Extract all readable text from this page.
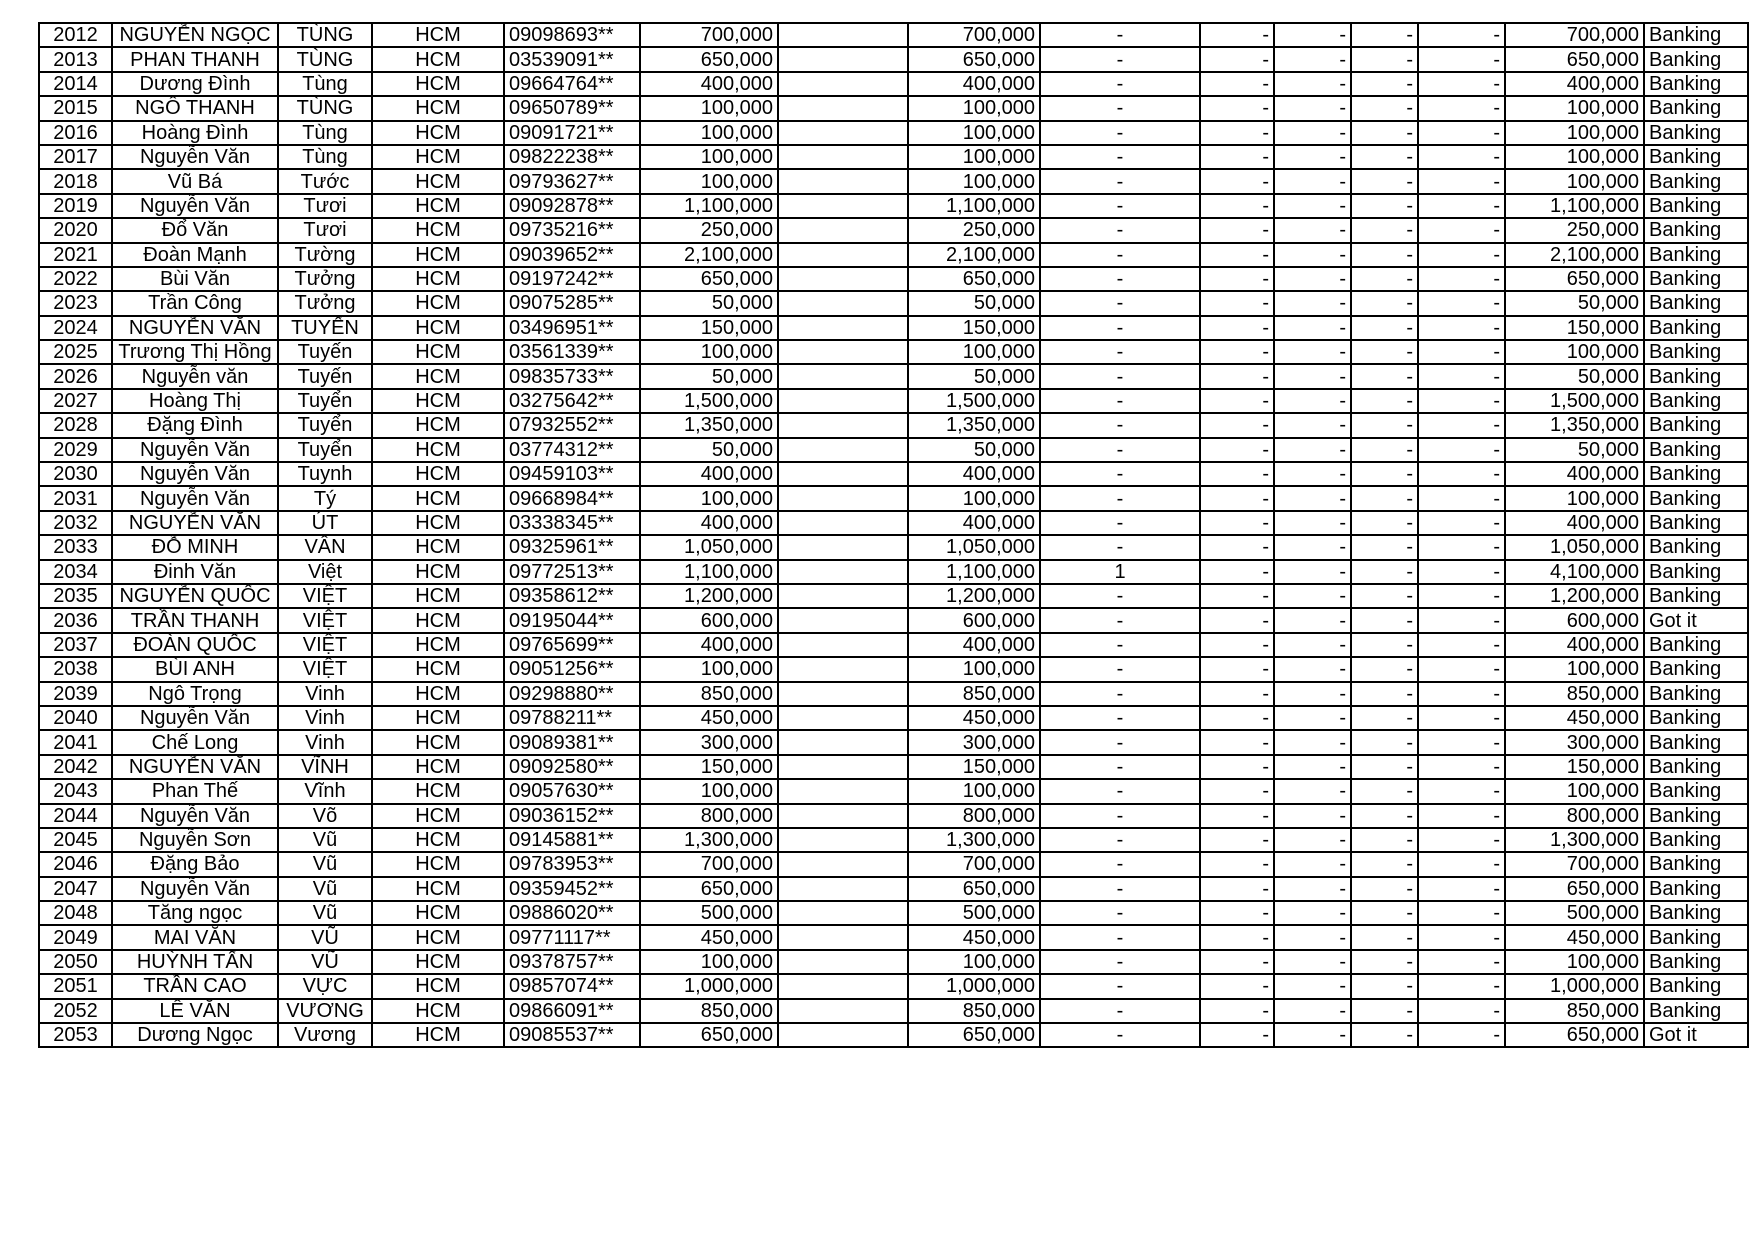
2012	NGUYỄN NGỌC	TÙNG	HCM	09098693**	700,000		700,000	-	-	-	-	-	700,000	Banking
2013	PHAN THANH	TÙNG	HCM	03539091**	650,000		650,000	-	-	-	-	-	650,000	Banking
2014	Dương Đình	Tùng	HCM	09664764**	400,000		400,000	-	-	-	-	-	400,000	Banking
2015	NGÔ THANH	TÙNG	HCM	09650789**	100,000		100,000	-	-	-	-	-	100,000	Banking
2016	Hoàng Đình	Tùng	HCM	09091721**	100,000		100,000	-	-	-	-	-	100,000	Banking
2017	Nguyễn Văn	Tùng	HCM	09822238**	100,000		100,000	-	-	-	-	-	100,000	Banking
2018	Vũ Bá	Tước	HCM	09793627**	100,000		100,000	-	-	-	-	-	100,000	Banking
2019	Nguyễn Văn	Tươi	HCM	09092878**	1,100,000		1,100,000	-	-	-	-	-	1,100,000	Banking
2020	Đổ Văn	Tươi	HCM	09735216**	250,000		250,000	-	-	-	-	-	250,000	Banking
2021	Đoàn Mạnh	Tường	HCM	09039652**	2,100,000		2,100,000	-	-	-	-	-	2,100,000	Banking
2022	Bùi Văn	Tưởng	HCM	09197242**	650,000		650,000	-	-	-	-	-	650,000	Banking
2023	Trần Công	Tưởng	HCM	09075285**	50,000		50,000	-	-	-	-	-	50,000	Banking
2024	NGUYỄN VĂN	TUYẾN	HCM	03496951**	150,000		150,000	-	-	-	-	-	150,000	Banking
2025	Trương Thị Hồng	Tuyến	HCM	03561339**	100,000		100,000	-	-	-	-	-	100,000	Banking
2026	Nguyễn văn	Tuyến	HCM	09835733**	50,000		50,000	-	-	-	-	-	50,000	Banking
2027	Hoàng Thị	Tuyển	HCM	03275642**	1,500,000		1,500,000	-	-	-	-	-	1,500,000	Banking
2028	Đặng Đình	Tuyển	HCM	07932552**	1,350,000		1,350,000	-	-	-	-	-	1,350,000	Banking
2029	Nguyễn Văn	Tuyển	HCM	03774312**	50,000		50,000	-	-	-	-	-	50,000	Banking
2030	Nguyễn Văn	Tuynh	HCM	09459103**	400,000		400,000	-	-	-	-	-	400,000	Banking
2031	Nguyễn Văn	Tý	HCM	09668984**	100,000		100,000	-	-	-	-	-	100,000	Banking
2032	NGUYỄN VĂN	ÚT	HCM	03338345**	400,000		400,000	-	-	-	-	-	400,000	Banking
2033	ĐỖ MINH	VÂN	HCM	09325961**	1,050,000		1,050,000	-	-	-	-	-	1,050,000	Banking
2034	Đinh Văn	Việt	HCM	09772513**	1,100,000		1,100,000	1	-	-	-	-	4,100,000	Banking
2035	NGUYỄN QUỐC	VIỆT	HCM	09358612**	1,200,000		1,200,000	-	-	-	-	-	1,200,000	Banking
2036	TRẦN THANH	VIỆT	HCM	09195044**	600,000		600,000	-	-	-	-	-	600,000	Got it
2037	ĐOÀN QUỐC	VIỆT	HCM	09765699**	400,000		400,000	-	-	-	-	-	400,000	Banking
2038	BÙI ANH	VIỆT	HCM	09051256**	100,000		100,000	-	-	-	-	-	100,000	Banking
2039	Ngô Trọng	Vinh	HCM	09298880**	850,000		850,000	-	-	-	-	-	850,000	Banking
2040	Nguyễn Văn	Vinh	HCM	09788211**	450,000		450,000	-	-	-	-	-	450,000	Banking
2041	Chế Long	Vinh	HCM	09089381**	300,000		300,000	-	-	-	-	-	300,000	Banking
2042	NGUYỄN VĂN	VĨNH	HCM	09092580**	150,000		150,000	-	-	-	-	-	150,000	Banking
2043	Phan Thế	Vĩnh	HCM	09057630**	100,000		100,000	-	-	-	-	-	100,000	Banking
2044	Nguyễn Văn	Võ	HCM	09036152**	800,000		800,000	-	-	-	-	-	800,000	Banking
2045	Nguyễn Sơn	Vũ	HCM	09145881**	1,300,000		1,300,000	-	-	-	-	-	1,300,000	Banking
2046	Đặng Bảo	Vũ	HCM	09783953**	700,000		700,000	-	-	-	-	-	700,000	Banking
2047	Nguyễn Văn	Vũ	HCM	09359452**	650,000		650,000	-	-	-	-	-	650,000	Banking
2048	Tăng ngọc	Vũ	HCM	09886020**	500,000		500,000	-	-	-	-	-	500,000	Banking
2049	MAI VĂN	VŨ	HCM	09771117**	450,000		450,000	-	-	-	-	-	450,000	Banking
2050	HUỲNH TẤN	VŨ	HCM	09378757**	100,000		100,000	-	-	-	-	-	100,000	Banking
2051	TRẦN CAO	VỰC	HCM	09857074**	1,000,000		1,000,000	-	-	-	-	-	1,000,000	Banking
2052	LÊ VĂN	VƯƠNG	HCM	09866091**	850,000		850,000	-	-	-	-	-	850,000	Banking
2053	Dương Ngọc	Vương	HCM	09085537**	650,000		650,000	-	-	-	-	-	650,000	Got it
